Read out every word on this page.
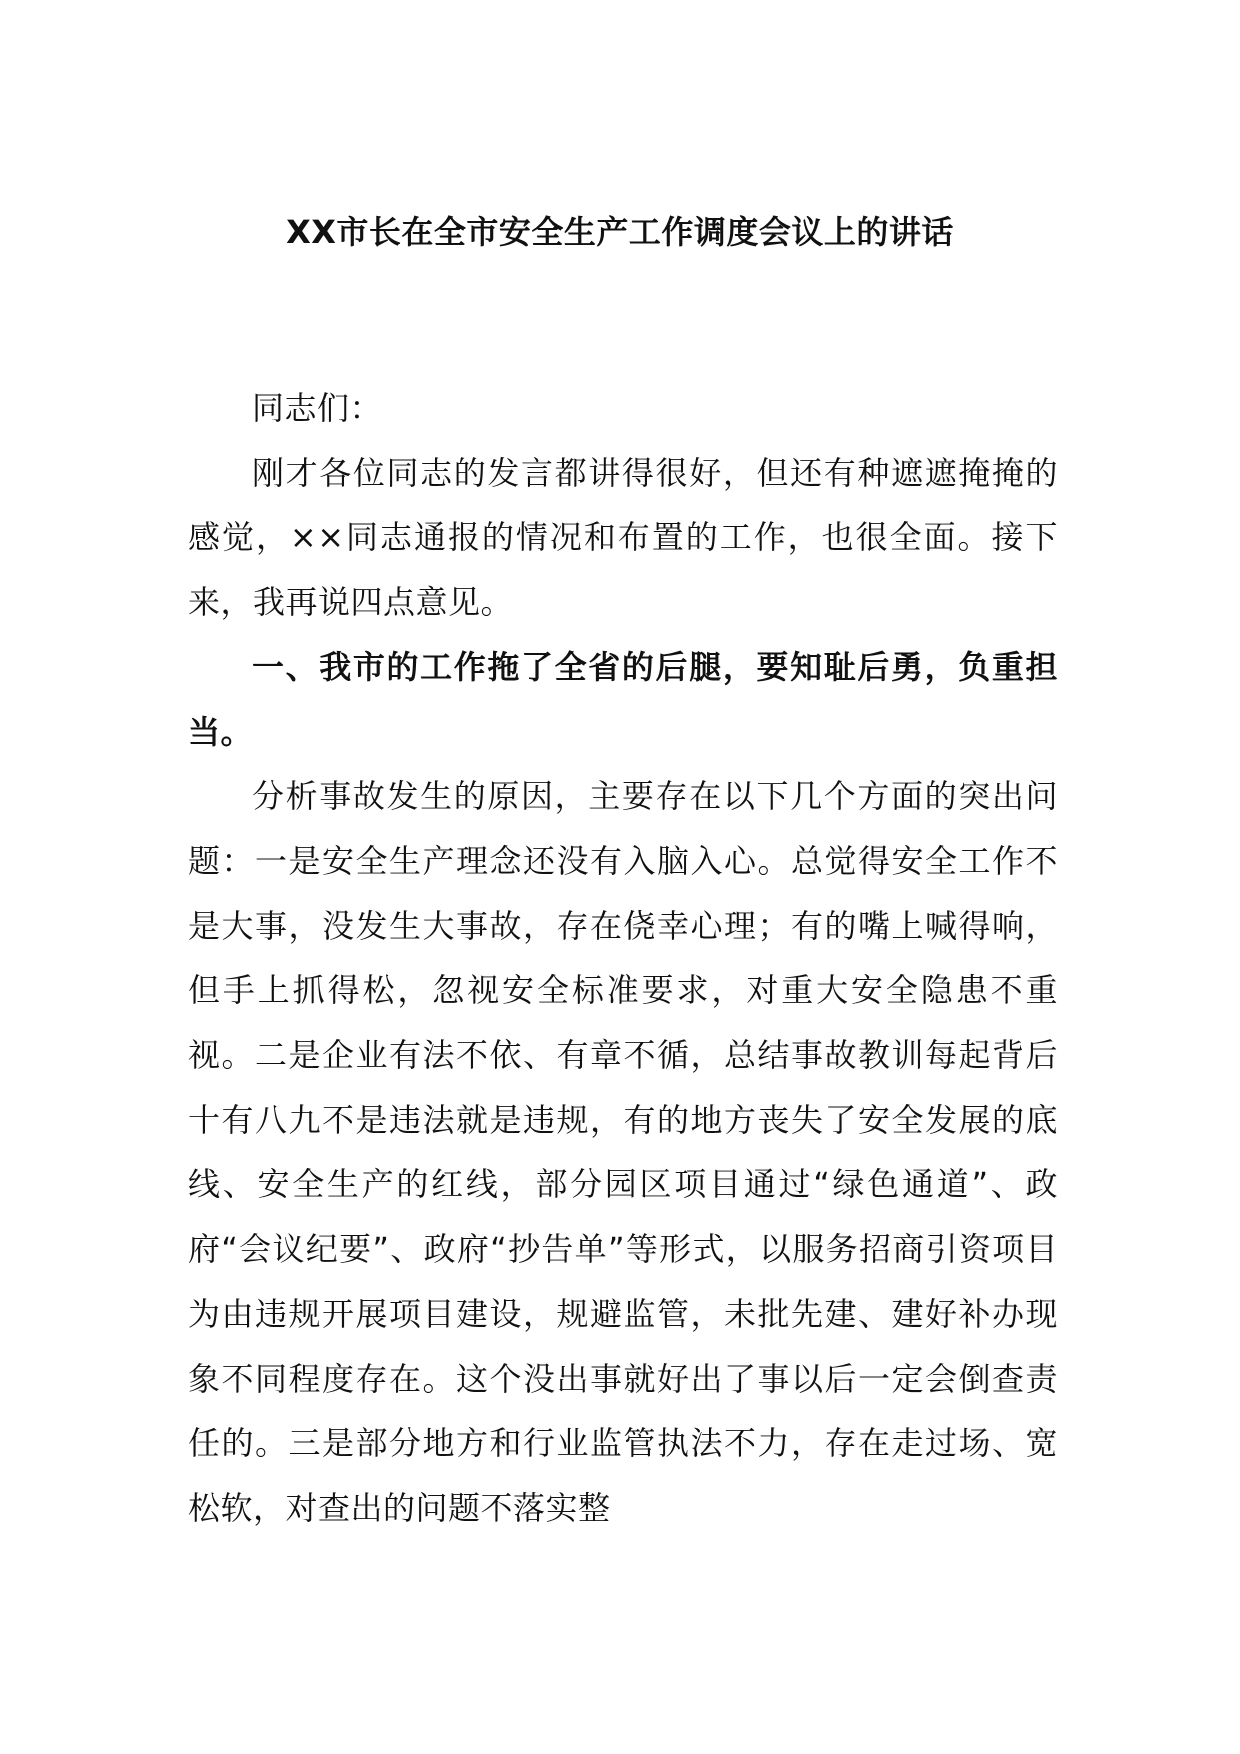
XX市长在全市安全生产工作调度会议上的讲话

同志们：

刚才各位同志的发言都讲得很好，但还有种遮遮掩掩的感觉，××同志通报的情况和布置的工作，也很全面。接下来，我再说四点意见。

一、我市的工作拖了全省的后腿，要知耻后勇，负重担当。

分析事故发生的原因，主要存在以下几个方面的突出问题：一是安全生产理念还没有入脑入心。总觉得安全工作不是大事，没发生大事故，存在侥幸心理；有的嘴上喊得响，但手上抓得松，忽视安全标准要求，对重大安全隐患不重视。二是企业有法不依、有章不循，总结事故教训每起背后十有八九不是违法就是违规，有的地方丧失了安全发展的底线、安全生产的红线，部分园区项目通过“绿色通道”、政府“会议纪要”、政府“抄告单”等形式，以服务招商引资项目为由违规开展项目建设，规避监管，未批先建、建好补办现象不同程度存在。这个没出事就好出了事以后一定会倒查责任的。三是部分地方和行业监管执法不力，存在走过场、宽松软，对查出的问题不落实整
